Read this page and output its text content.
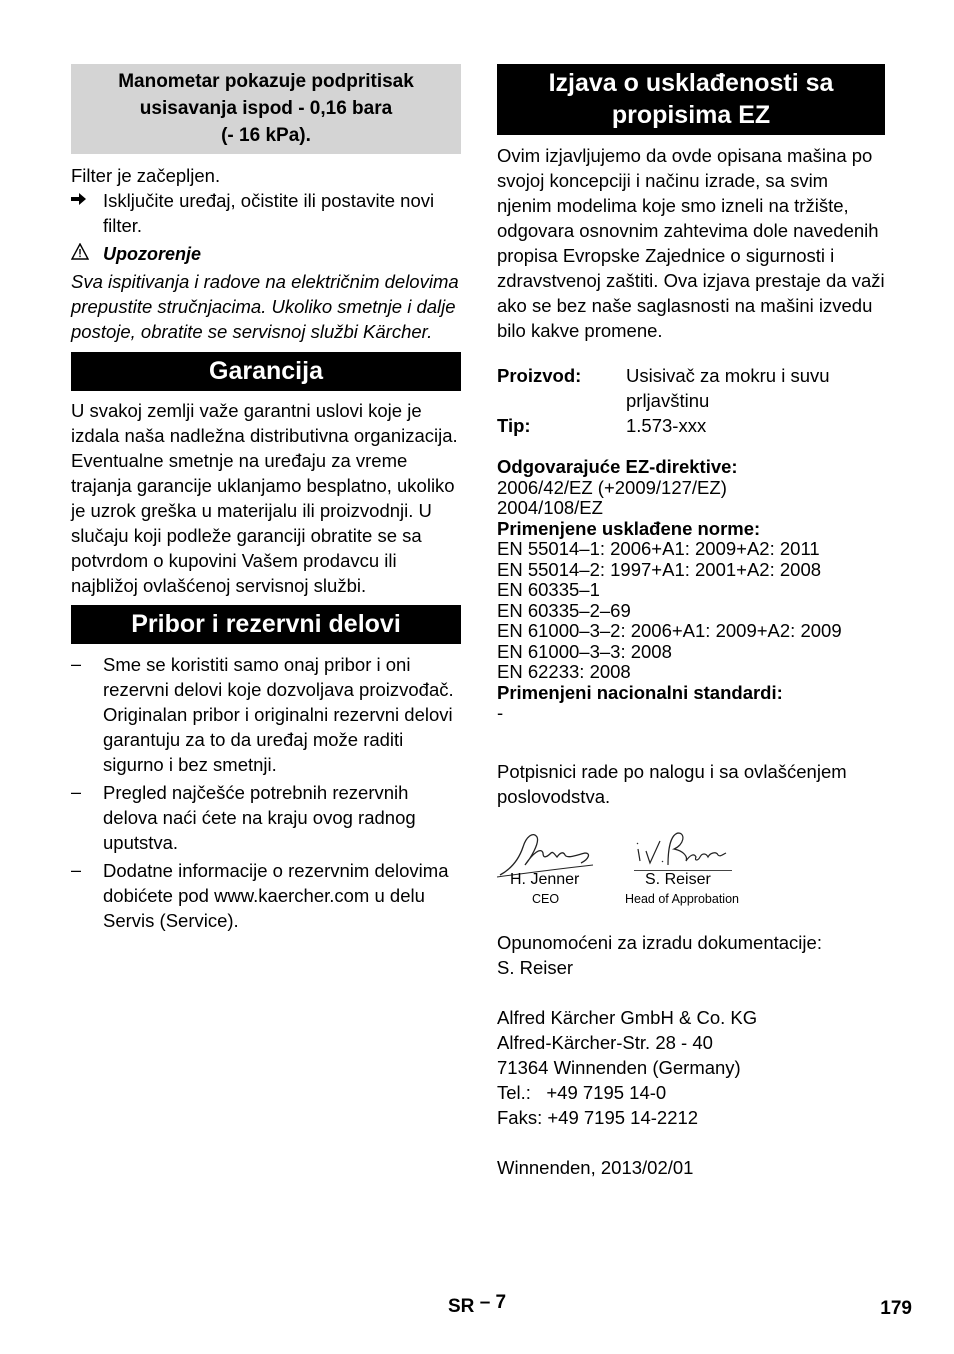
Manometar pokazuje podpritisak
usisavanja ispod - 0,16 bara
(- 16 kPa).

Filter je začepljen.

Isključite uređaj, očistite ili postavite novi filter.
Upozorenje

Sva ispitivanja i radove na električnim delovima prepustite stručnjacima. Ukoliko smetnje i dalje postoje, obratite se servisnoj službi Kärcher.

Garancija

U svakoj zemlji važe garantni uslovi koje je izdala naša nadležna distributivna organizacija. Eventualne smetnje na uređaju za vreme trajanja garancije uklanjamo besplatno, ukoliko je uzrok greška u materijalu ili proizvodnji. U slučaju koji podleže garanciji obratite se sa potvrdom o kupovini Vašem prodavcu ili najbližoj ovlašćenoj servisnoj službi.

Pribor i rezervni delovi
–	Sme se koristiti samo onaj pribor i oni rezervni delovi koje dozvoljava proizvođač. Originalan pribor i originalni rezervni delovi garantuju za to da uređaj može raditi sigurno i bez smetnji.
–	Pregled najčešće potrebnih rezervnih delova naći ćete na kraju ovog radnog uputstva.
–	Dodatne informacije o rezervnim delovima dobićete pod www.kaercher.com u delu Servis (Service).
Izjava o usklađenosti sa propisima EZ

Ovim izjavljujemo da ovde opisana mašina po svojoj koncepciji i načinu izrade, sa svim njenim modelima koje smo izneli na tržište, odgovara osnovnim zahtevima dole navedenih propisa Evropske Zajednice o sigurnosti i zdravstvenoj zaštiti. Ova izjava prestaje da važi ako se bez naše saglasnosti na mašini izvedu bilo kakve promene.

Proizvod:	Usisivač za mokru i suvu prljavštinu
Tip:	1.573-xxx
Odgovarajuće EZ-direktive:
2006/42/EZ (+2009/127/EZ)
2004/108/EZ
Primenjene usklađene norme:
EN 55014–1: 2006+A1: 2009+A2: 2011
EN 55014–2: 1997+A1: 2001+A2: 2008
EN 60335–1
EN 60335–2–69
EN 61000–3–2: 2006+A1: 2009+A2: 2009
EN 61000–3–3: 2008
EN 62233: 2008
Primenjeni nacionalni standardi:
-

Potpisnici rade po nalogu i sa ovlašćenjem poslovodstva.

H. Jenner
CEO
S. Reiser
Head of Approbation

Opunomoćeni za izradu dokumentacije:

S. Reiser

Alfred Kärcher GmbH & Co. KG

Alfred-Kärcher-Str. 28 - 40

71364 Winnenden (Germany)

Tel.:   +49 7195 14-0

Faks: +49 7195 14-2212

Winnenden, 2013/02/01

SR – 7	179
